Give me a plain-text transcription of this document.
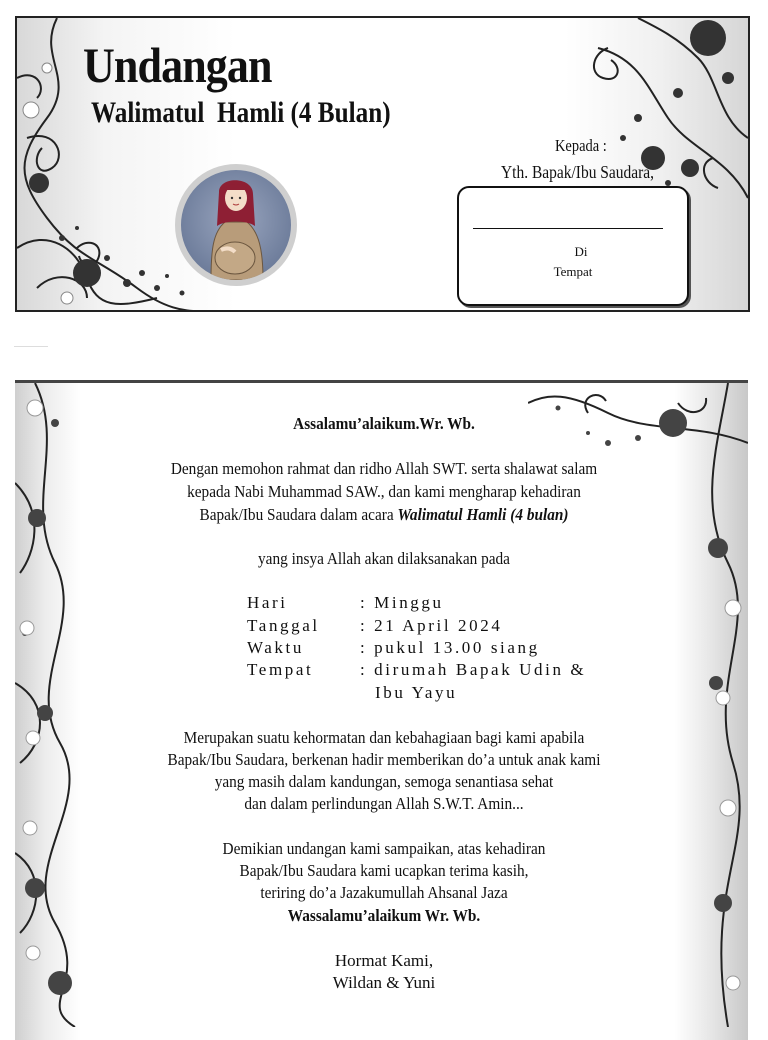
Undangan
Walimatul  Hamli (4 Bulan)
Kepada :
Yth. Bapak/Ibu Saudara,
Di
Tempat
Assalamu’alaikum.Wr. Wb.
Dengan memohon rahmat dan ridho Allah SWT. serta shalawat salam
kepada Nabi Muhammad SAW., dan kami mengharap kehadiran
Bapak/Ibu Saudara dalam acara Walimatul Hamli (4 bulan)
yang insya Allah akan dilaksanakan pada
Hari	: Minggu
Tanggal : 21 April 2024
Waktu	: pukul 13.00 siang
Tempat	: dirumah Bapak Udin &
Ibu Yayu
Merupakan suatu kehormatan dan kebahagiaan bagi kami apabila
Bapak/Ibu Saudara, berkenan hadir memberikan do’a untuk anak kami
yang masih dalam kandungan, semoga senantiasa sehat
dan dalam perlindungan Allah S.W.T. Amin...
Demikian undangan kami sampaikan, atas kehadiran
Bapak/Ibu Saudara kami ucapkan terima kasih,
teriring do’a Jazakumullah Ahsanal Jaza
Wassalamu’alaikum Wr. Wb.
Hormat Kami,
Wildan & Yuni
